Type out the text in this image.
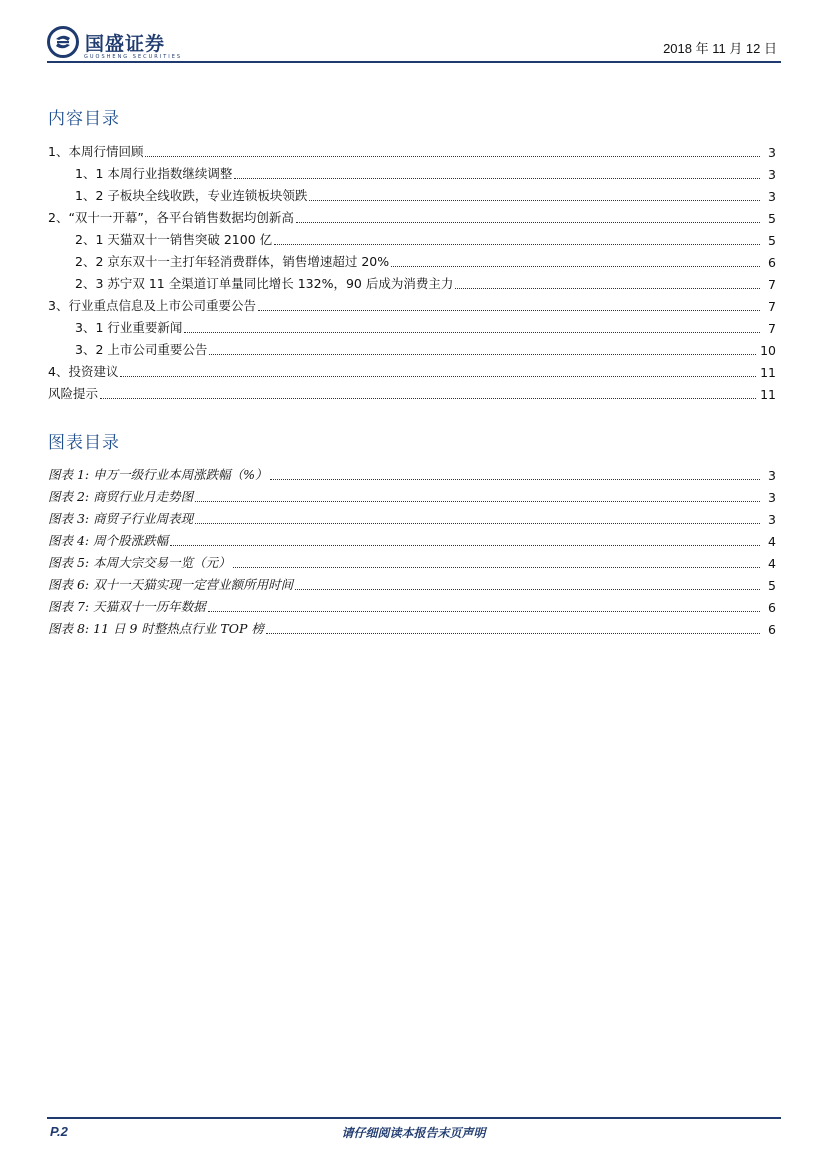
国盛证券
GUOSHENG SECURITIES
2018 年 11 月 12 日
内容目录
1、本周行情回顾	3
1、1 本周行业指数继续调整	3
1、2 子板块全线收跌，专业连锁板块领跌	3
2、“双十一开幕”，各平台销售数据均创新高	5
2、1 天猫双十一销售突破 2100 亿	5
2、2 京东双十一主打年轻消费群体，销售增速超过 20%	6
2、3 苏宁双 11 全渠道订单量同比增长 132%，90 后成为消费主力	7
3、行业重点信息及上市公司重要公告	7
3、1 行业重要新闻	7
3、2 上市公司重要公告	10
4、投资建议	11
风险提示	11
图表目录
图表 1: 申万一级行业本周涨跌幅（%）	3
图表 2: 商贸行业月走势图	3
图表 3: 商贸子行业周表现	3
图表 4: 周个股涨跌幅	4
图表 5: 本周大宗交易一览（元）	4
图表 6: 双十一天猫实现一定营业额所用时间	5
图表 7: 天猫双十一历年数据	6
图表 8: 11 日 9 时整热点行业 TOP 榜	6
P.2	请仔细阅读本报告末页声明
